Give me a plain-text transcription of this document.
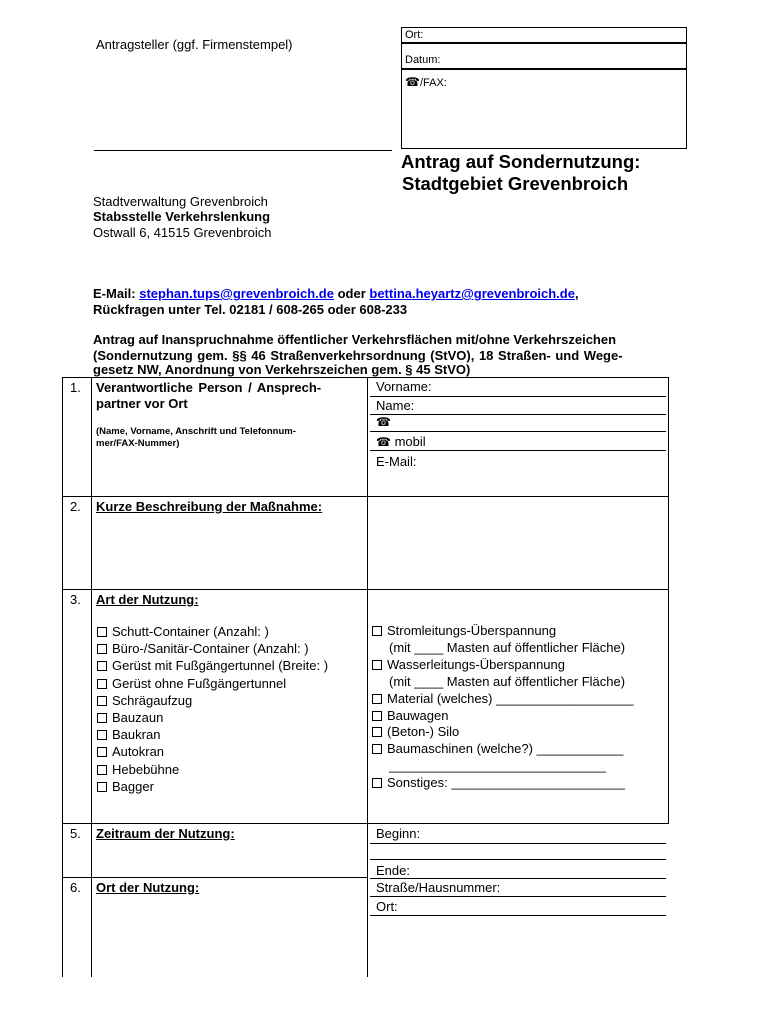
Antragsteller (ggf. Firmenstempel)
Ort:
Datum:
☎/FAX:
Antrag auf Sondernutzung:
Stadtgebiet Grevenbroich
Stadtverwaltung Grevenbroich
Stabsstelle Verkehrslenkung
Ostwall 6, 41515 Grevenbroich
E-Mail: stephan.tups@grevenbroich.de oder bettina.heyartz@grevenbroich.de,
Rückfragen unter Tel. 02181 / 608-265 oder 608-233
Antrag auf Inanspruchnahme öffentlicher Verkehrsflächen mit/ohne Verkehrszeichen
(Sondernutzung gem. §§ 46 Straßenverkehrsordnung (StVO), 18 Straßen- und Wege-
gesetz NW, Anordnung von Verkehrszeichen gem. § 45 StVO)
1. Verantwortliche Person / Ansprech-
partner vor Ort
(Name, Vorname, Anschrift und Telefonnum-
mer/FAX-Nummer)
Vorname:
Name:
☎
☎ mobil
E-Mail:
2. Kurze Beschreibung der Maßnahme:
3. Art der Nutzung:
Schutt-Container (Anzahl: )
Büro-/Sanitär-Container (Anzahl: )
Gerüst mit Fußgängertunnel (Breite: )
Gerüst ohne Fußgängertunnel
Schrägaufzug
Bauzaun
Baukran
Autokran
Hebebühne
Bagger
Stromleitungs-Überspannung
(mit ____ Masten auf öffentlicher Fläche)
Wasserleitungs-Überspannung
(mit ____ Masten auf öffentlicher Fläche)
Material (welches) ___________________
Bauwagen
(Beton-) Silo
Baumaschinen (welche?) ____________
______________________________
Sonstiges: ________________________
5. Zeitraum der Nutzung:	Beginn:
Ende:
6. Ort der Nutzung:	Straße/Hausnummer:
Ort:
